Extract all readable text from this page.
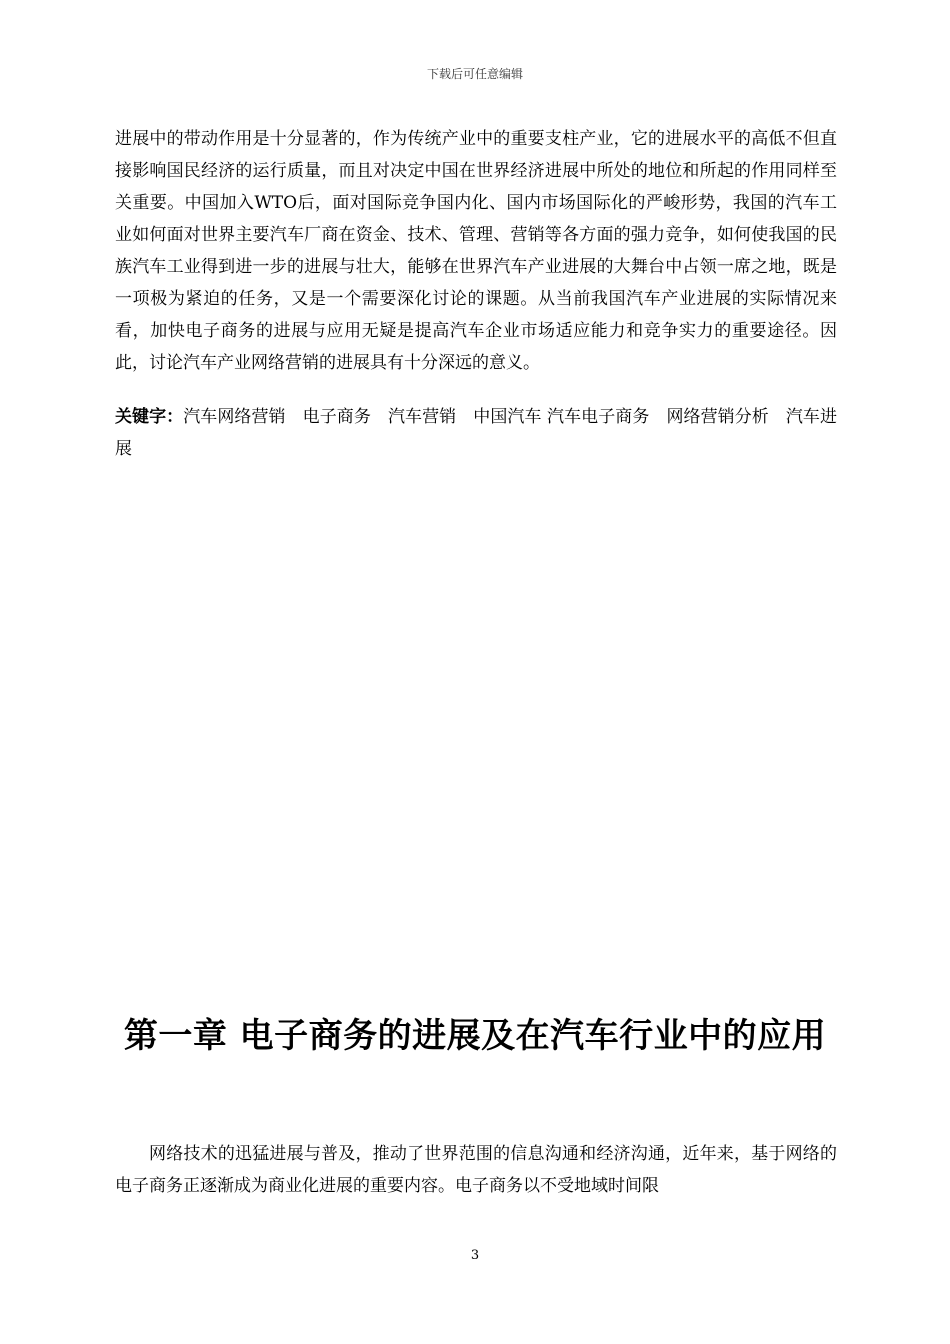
下载后可任意编辑
进展中的带动作用是十分显著的，作为传统产业中的重要支柱产业，它的进展水平的高低不但直接影响国民经济的运行质量，而且对决定中国在世界经济进展中所处的地位和所起的作用同样至关重要。中国加入WTO后，面对国际竞争国内化、国内市场国际化的严峻形势，我国的汽车工业如何面对世界主要汽车厂商在资金、技术、管理、营销等各方面的强力竞争，如何使我国的民族汽车工业得到进一步的进展与壮大，能够在世界汽车产业进展的大舞台中占领一席之地，既是一项极为紧迫的任务，又是一个需要深化讨论的课题。从当前我国汽车产业进展的实际情况来看，加快电子商务的进展与应用无疑是提高汽车企业市场适应能力和竞争实力的重要途径。因此，讨论汽车产业网络营销的进展具有十分深远的意义。
关键字：汽车网络营销　电子商务　汽车营销　中国汽车 汽车电子商务　网络营销分析　汽车进展
第一章 电子商务的进展及在汽车行业中的应用
网络技术的迅猛进展与普及，推动了世界范围的信息沟通和经济沟通，近年来，基于网络的电子商务正逐渐成为商业化进展的重要内容。电子商务以不受地域时间限
3
